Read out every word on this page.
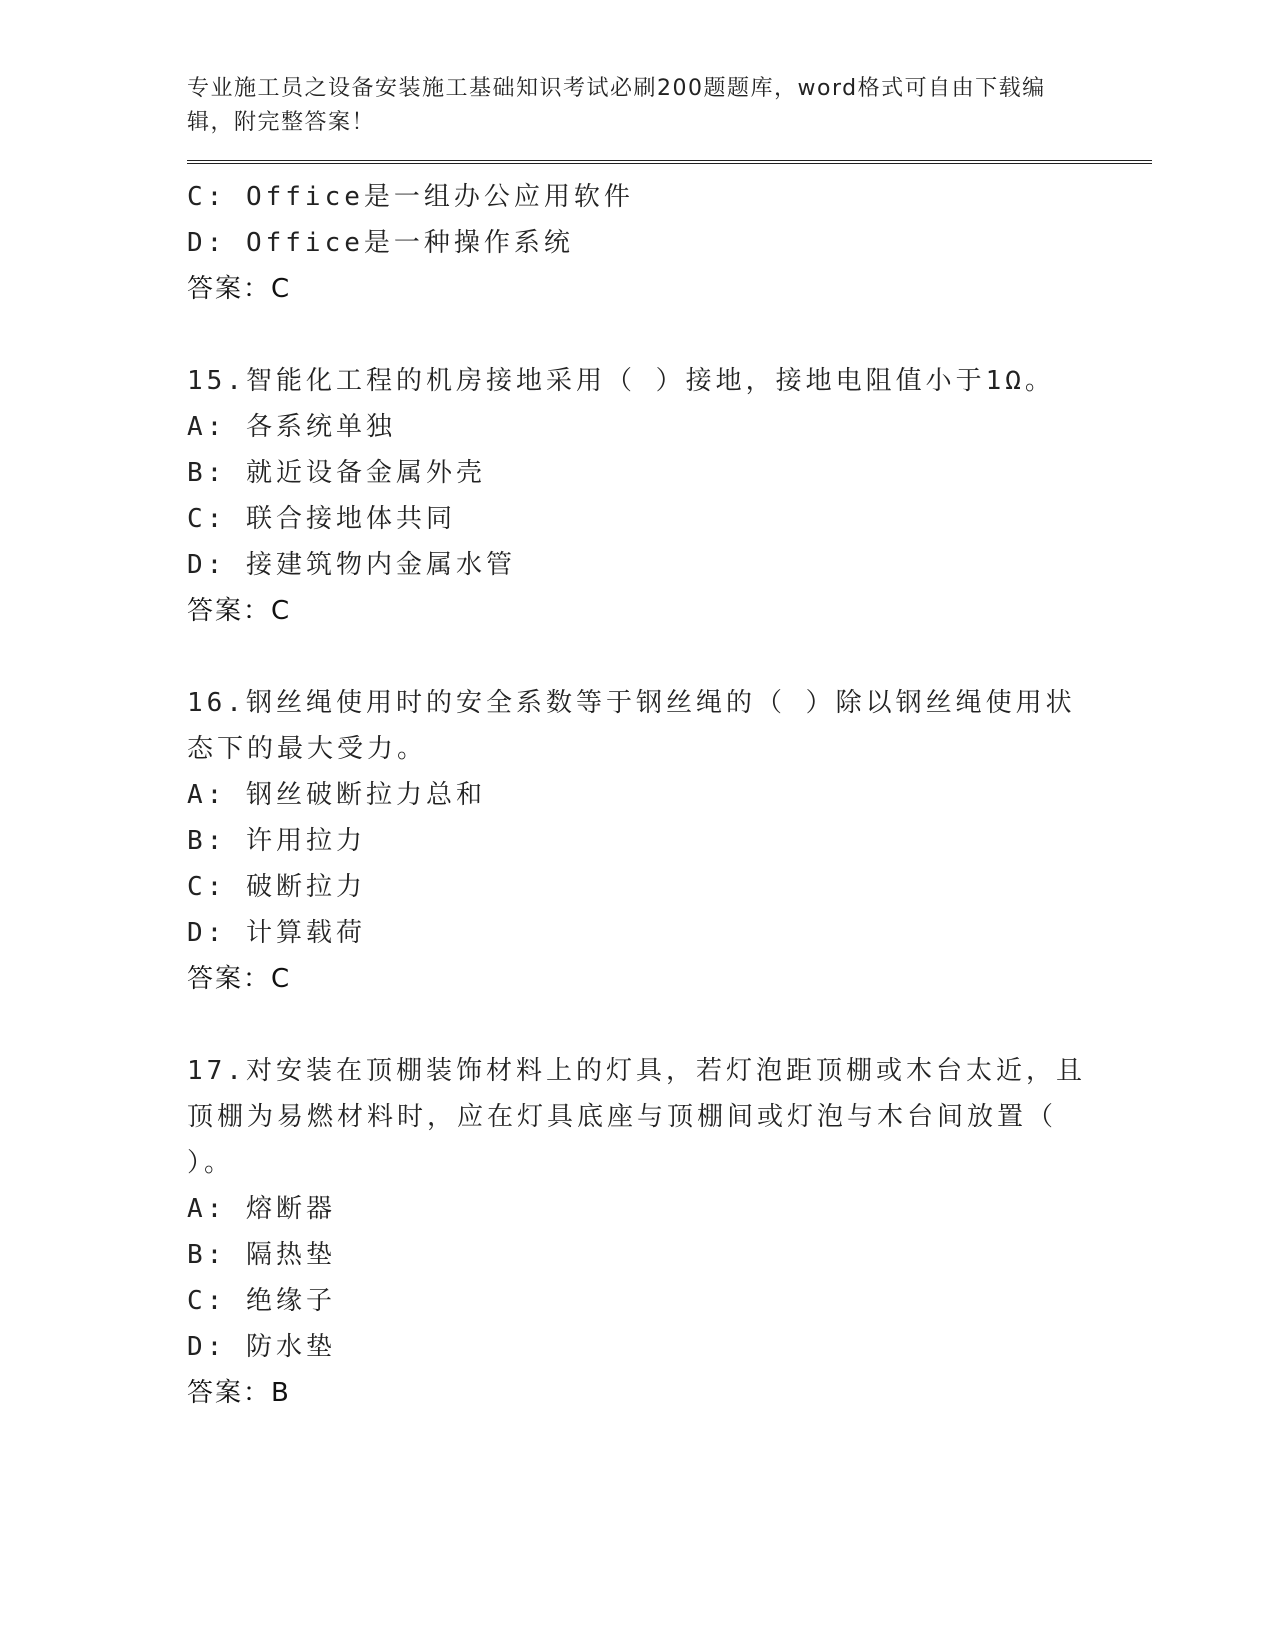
专业施工员之设备安装施工基础知识考试必刷200题题库，word格式可自由下载编辑，附完整答案！
C: Office是一组办公应用软件
D: Office是一种操作系统
答案：C
15.智能化工程的机房接地采用（ ）接地，接地电阻值小于1Ω。
A: 各系统单独
B: 就近设备金属外壳
C: 联合接地体共同
D: 接建筑物内金属水管
答案：C
16.钢丝绳使用时的安全系数等于钢丝绳的（ ）除以钢丝绳使用状态下的最大受力。
A: 钢丝破断拉力总和
B: 许用拉力
C: 破断拉力
D: 计算载荷
答案：C
17.对安装在顶棚装饰材料上的灯具，若灯泡距顶棚或木台太近，且顶棚为易燃材料时，应在灯具底座与顶棚间或灯泡与木台间放置（ ）。
A: 熔断器
B: 隔热垫
C: 绝缘子
D: 防水垫
答案：B
